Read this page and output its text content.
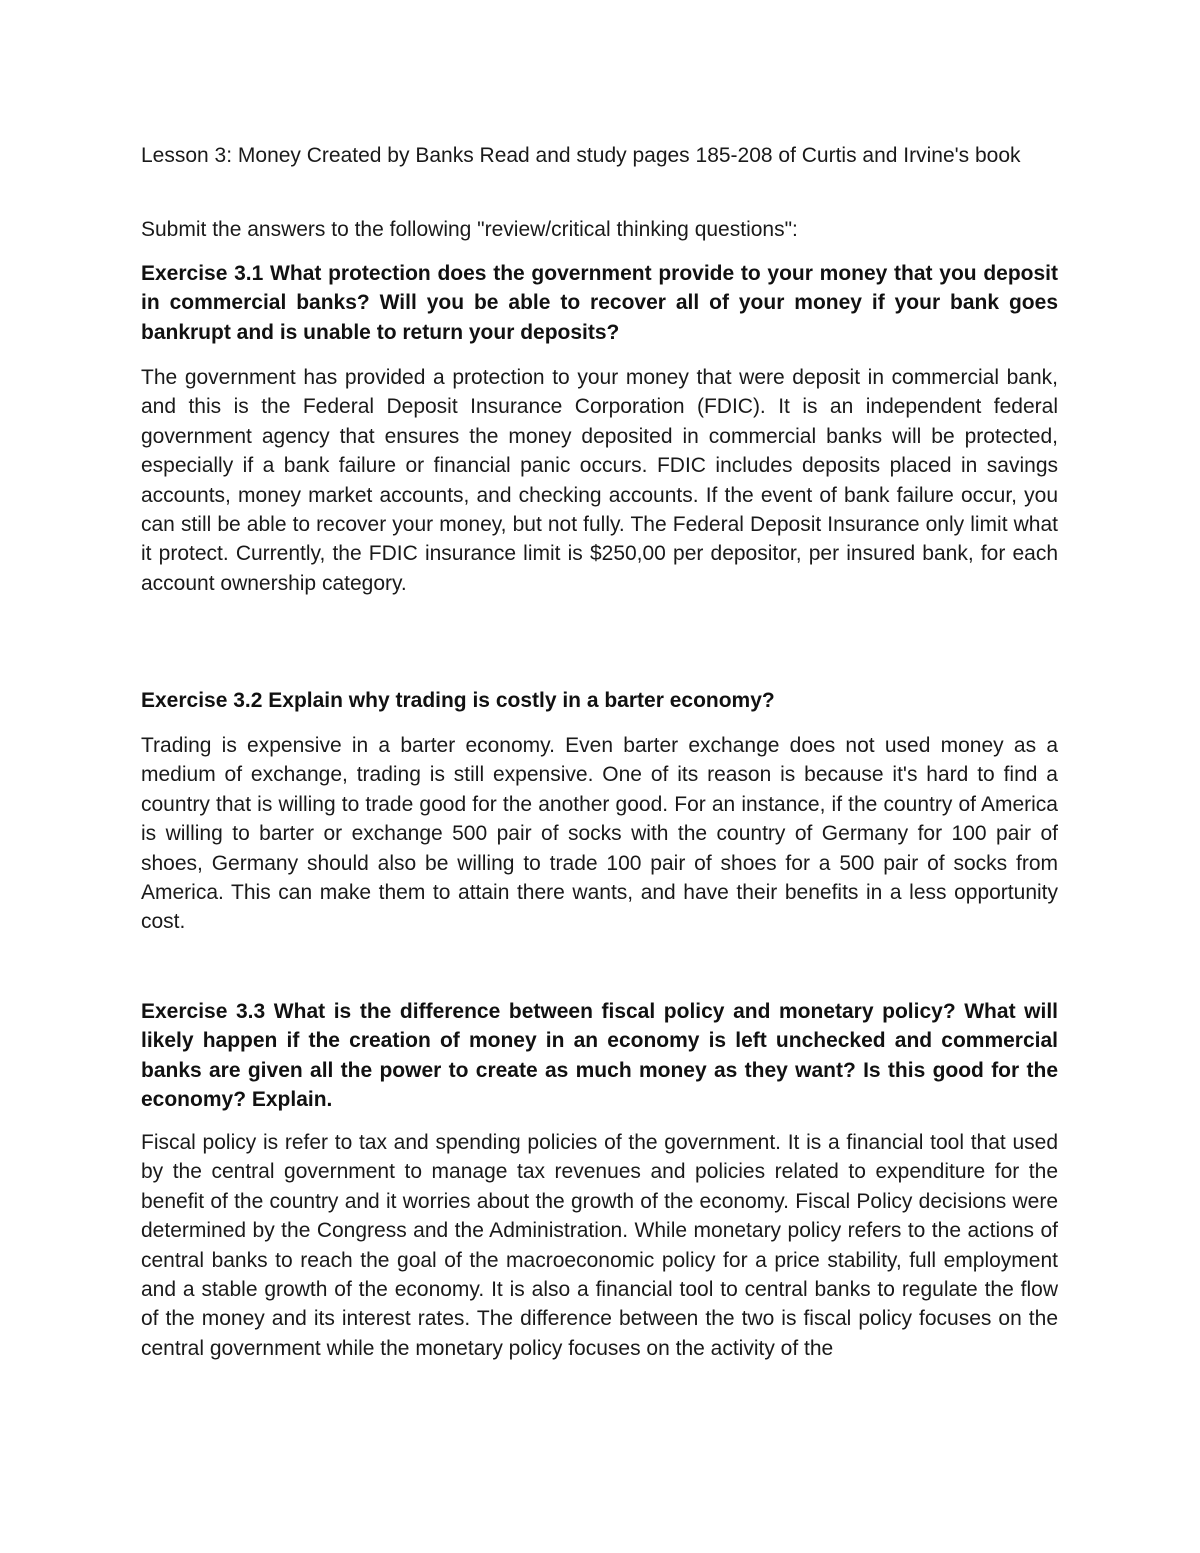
Lesson 3: Money Created by Banks Read and study pages 185-208 of Curtis and Irvine's book

Submit the answers to the following "review/critical thinking questions":

Exercise 3.1 What protection does the government provide to your money that you deposit in commercial banks? Will you be able to recover all of your money if your bank goes bankrupt and is unable to return your deposits?

The government has provided a protection to your money that were deposit in commercial bank, and this is the Federal Deposit Insurance Corporation (FDIC). It is an independent federal government agency that ensures the money deposited in commercial banks will be protected, especially if a bank failure or financial panic occurs. FDIC includes deposits placed in savings accounts, money market accounts, and checking accounts. If the event of bank failure occur, you can still be able to recover your money, but not fully. The Federal Deposit Insurance only limit what it protect. Currently, the FDIC insurance limit is $250,00 per depositor, per insured bank, for each account ownership category.

Exercise 3.2 Explain why trading is costly in a barter economy?

Trading is expensive in a barter economy. Even barter exchange does not used money as a medium of exchange, trading is still expensive. One of its reason is because it's hard to find a country that is willing to trade good for the another good. For an instance, if the country of America is willing to barter or exchange 500 pair of socks with the country of Germany for 100 pair of shoes, Germany should also be willing to trade 100 pair of shoes for a 500 pair of socks from America. This can make them to attain there wants, and have their benefits in a less opportunity cost.

Exercise 3.3 What is the difference between fiscal policy and monetary policy? What will likely happen if the creation of money in an economy is left unchecked and commercial banks are given all the power to create as much money as they want? Is this good for the economy? Explain.

Fiscal policy is refer to tax and spending policies of the government. It is a financial tool that used by the central government to manage tax revenues and policies related to expenditure for the benefit of the country and it worries about the growth of the economy. Fiscal Policy decisions were determined by the Congress and the Administration. While monetary policy refers to the actions of central banks to reach the goal of the macroeconomic policy for a price stability, full employment and a stable growth of the economy. It is also a financial tool to central banks to regulate the flow of the money and its interest rates. The difference between the two is fiscal policy focuses on the central government while the monetary policy focuses on the activity of the
